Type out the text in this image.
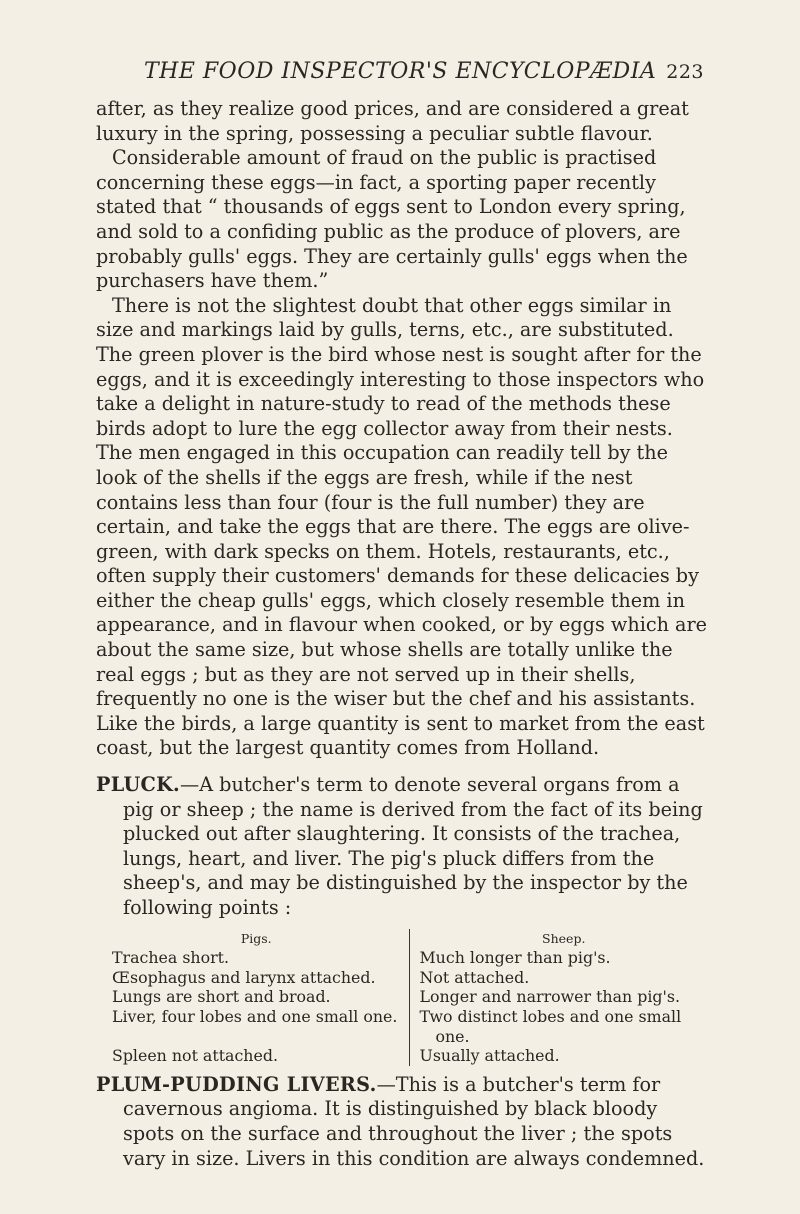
THE FOOD INSPECTOR'S ENCYCLOPÆDIA 223

after, as they realize good prices, and are considered a great luxury in the spring, possessing a peculiar subtle flavour.

Considerable amount of fraud on the public is practised concerning these eggs—in fact, a sporting paper recently stated that “ thousands of eggs sent to London every spring, and sold to a confiding public as the produce of plovers, are probably gulls' eggs. They are certainly gulls' eggs when the purchasers have them.”

There is not the slightest doubt that other eggs similar in size and markings laid by gulls, terns, etc., are substituted. The green plover is the bird whose nest is sought after for the eggs, and it is exceedingly interesting to those inspectors who take a delight in nature-study to read of the methods these birds adopt to lure the egg collector away from their nests. The men engaged in this occupation can readily tell by the look of the shells if the eggs are fresh, while if the nest contains less than four (four is the full number) they are certain, and take the eggs that are there. The eggs are olive-green, with dark specks on them. Hotels, restaurants, etc., often supply their customers' demands for these delicacies by either the cheap gulls' eggs, which closely resemble them in appearance, and in flavour when cooked, or by eggs which are about the same size, but whose shells are totally unlike the real eggs ; but as they are not served up in their shells, frequently no one is the wiser but the chef and his assistants. Like the birds, a large quantity is sent to market from the east coast, but the largest quantity comes from Holland.

PLUCK.—A butcher's term to denote several organs from a pig or sheep ; the name is derived from the fact of its being plucked out after slaughtering. It consists of the trachea, lungs, heart, and liver. The pig's pluck differs from the sheep's, and may be distinguished by the inspector by the following points :

Pigs.

Trachea short.

Œsophagus and larynx attached.

Lungs are short and broad.

Liver, four lobes and one small one.

Spleen not attached.

Sheep.

Much longer than pig's.

Not attached.

Longer and narrower than pig's.

Two distinct lobes and one small one.

Usually attached.

PLUM-PUDDING LIVERS.—This is a butcher's term for cavernous angioma. It is distinguished by black bloody spots on the surface and throughout the liver ; the spots vary in size. Livers in this condition are always condemned.
